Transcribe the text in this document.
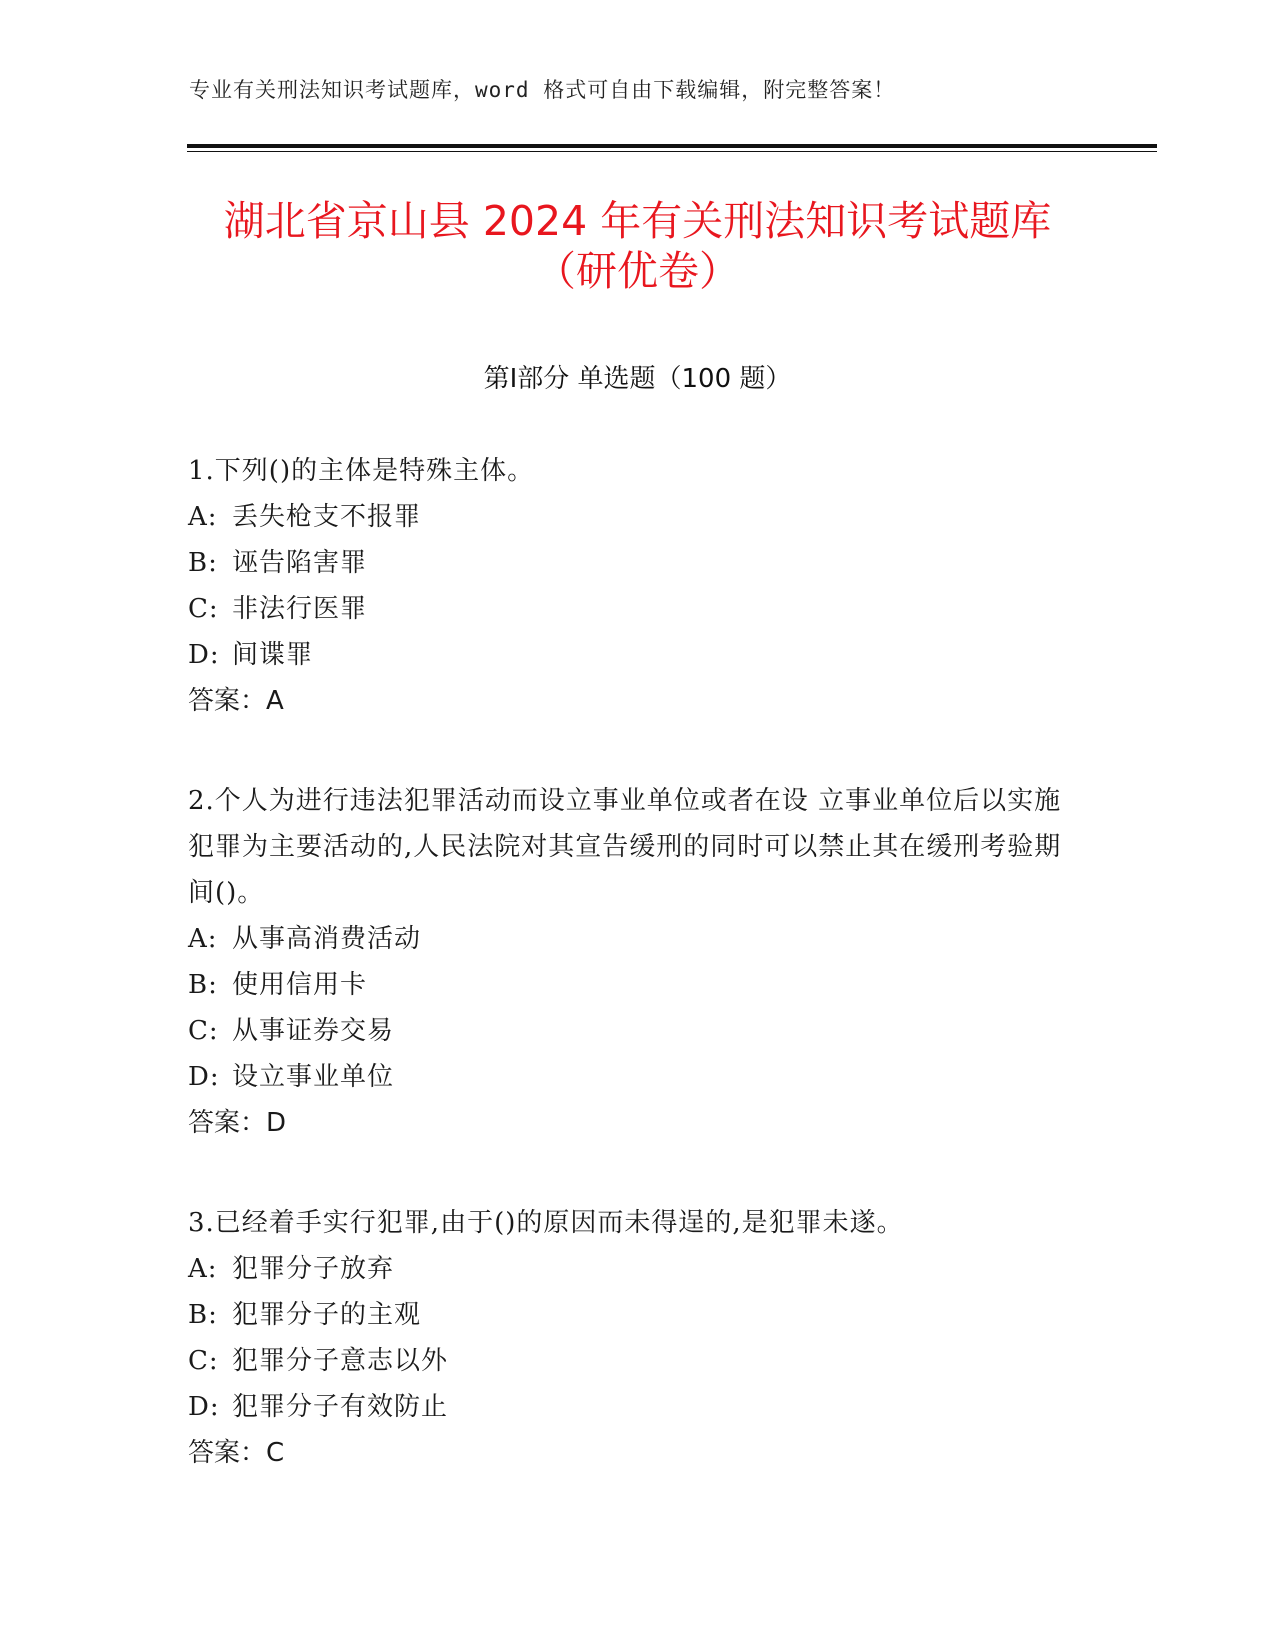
专业有关刑法知识考试题库，word 格式可自由下载编辑，附完整答案！
湖北省京山县 2024 年有关刑法知识考试题库
（研优卷）
第Ⅰ部分 单选题（100 题）

1.下列()的主体是特殊主体。

A: 丢失枪支不报罪

B: 诬告陷害罪

C: 非法行医罪

D: 间谍罪

答案：A

2.个人为进行违法犯罪活动而设立事业单位或者在设 立事业单位后以实施犯罪为主要活动的,人民法院对其宣告缓刑的同时可以禁止其在缓刑考验期间()。

A: 从事高消费活动

B: 使用信用卡

C: 从事证券交易

D: 设立事业单位

答案：D

3.已经着手实行犯罪,由于()的原因而未得逞的,是犯罪未遂。

A: 犯罪分子放弃

B: 犯罪分子的主观

C: 犯罪分子意志以外

D: 犯罪分子有效防止

答案：C
